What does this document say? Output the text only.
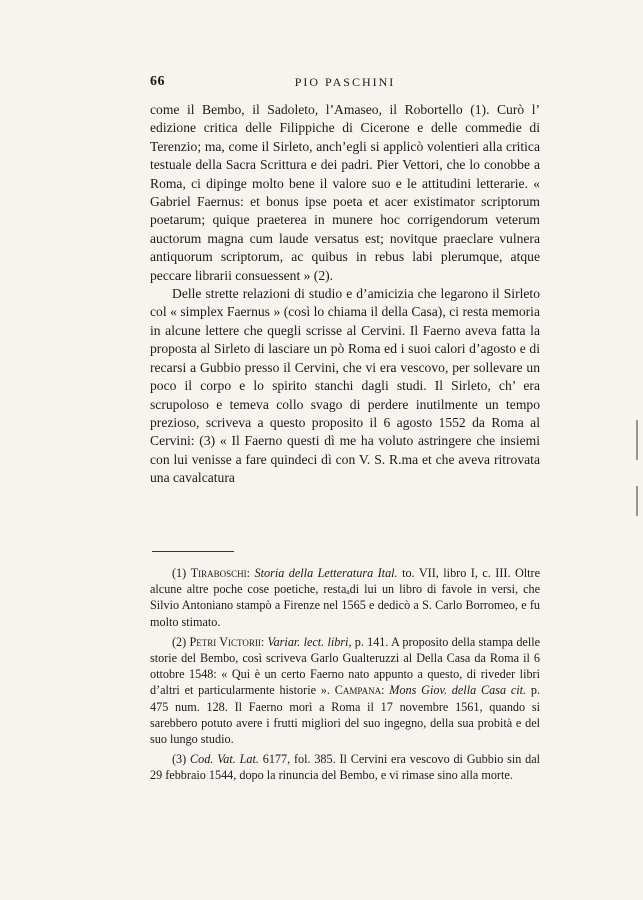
66	PIO PASCHINI

come il Bembo, il Sadoleto, l’Amaseo, il Robortello (1). Curò l’ edizione critica delle Filippiche di Cicerone e delle commedie di Terenzio; ma, come il Sirleto, anch’egli si applicò volentieri alla critica testuale della Sacra Scrittura e dei padri. Pier Vettori, che lo conobbe a Roma, ci dipinge molto bene il valore suo e le attitudini letterarie. « Gabriel Faernus: et bonus ipse poeta et acer existimator scriptorum poetarum; quique praeterea in munere hoc corrigendorum veterum auctorum magna cum laude versatus est; novitque praeclare vulnera antiquorum scriptorum, ac quibus in rebus labi plerumque, atque peccare librarii consuessent » (2).

Delle strette relazioni di studio e d’amicizia che legarono il Sirleto col « simplex Faernus » (così lo chiama il della Casa), ci resta memoria in alcune lettere che quegli scrisse al Cervini. Il Faerno aveva fatta la proposta al Sirleto di lasciare un pò Roma ed i suoi calori d’agosto e di recarsi a Gubbio presso il Cervini, che vi era vescovo, per sollevare un poco il corpo e lo spirito stanchi dagli studi. Il Sirleto, ch’ era scrupoloso e temeva collo svago di perdere inutilmente un tempo prezioso, scriveva a questo proposito il 6 agosto 1552 da Roma al Cervini: (3) « Il Faerno questi dì me ha voluto astringere che insiemi con lui venisse a fare quindeci dì con V. S. R.ma et che aveva ritrovata una cavalcatura

(1) Tiraboschi: Storia della Letteratura Ital. to. VII, libro I, c. III. Oltre alcune altre poche cose poetiche, restaₐdi lui un libro di favole in versi, che Silvio Antoniano stampò a Firenze nel 1565 e dedicò a S. Carlo Borromeo, e fu molto stimato.

(2) Petri Victorii: Variar. lect. libri, p. 141. A proposito della stampa delle storie del Bembo, così scriveva Garlo Gualteruzzi al Della Casa da Roma il 6 ottobre 1548: « Qui è un certo Faerno nato appunto a questo, di riveder libri d’altri et particularmente historie ». Campana: Mons Giov. della Casa cit. p. 475 num. 128. Il Faerno morì a Roma il 17 novembre 1561, quando si sarebbero potuto avere i frutti migliori del suo ingegno, della sua probità e del suo lungo studio.

(3) Cod. Vat. Lat. 6177, fol. 385. Il Cervini era vescovo di Gubbio sin dal 29 febbraio 1544, dopo la rinuncia del Bembo, e vi rimase sino alla morte.
